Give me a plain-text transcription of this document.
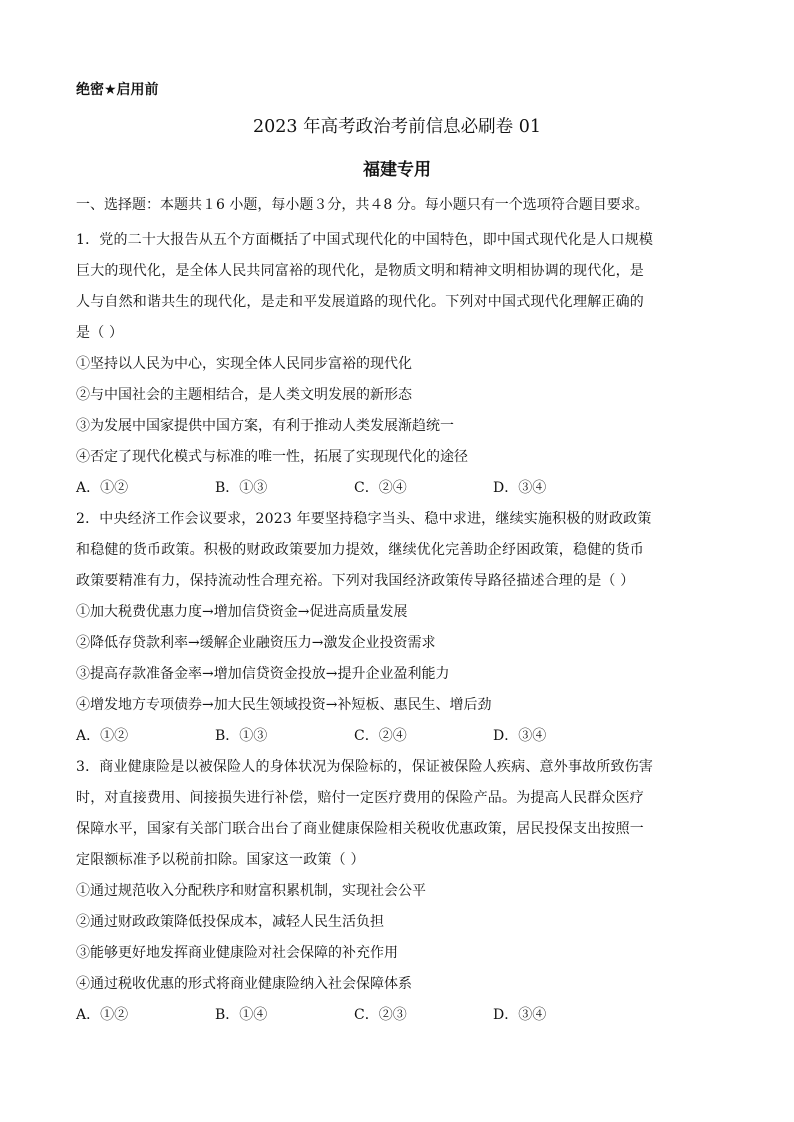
绝密★启用前
2023 年高考政治考前信息必刷卷 01
福建专用

一、选择题：本题共１6 小题，每小题３分，共４8 分。每小题只有一个选项符合题目要求。

1．党的二十大报告从五个方面概括了中国式现代化的中国特色，即中国式现代化是人口规模

巨大的现代化，是全体人民共同富裕的现代化，是物质文明和精神文明相协调的现代化，是

人与自然和谐共生的现代化，是走和平发展道路的现代化。下列对中国式现代化理解正确的

是（ ）

①坚持以人民为中心，实现全体人民同步富裕的现代化

②与中国社会的主题相结合，是人类文明发展的新形态

③为发展中国家提供中国方案，有利于推动人类发展渐趋统一

④否定了现代化模式与标准的唯一性，拓展了实现现代化的途径

A．①②	B．①③	C．②④	D．③④

2．中央经济工作会议要求，2023 年要坚持稳字当头、稳中求进，继续实施积极的财政政策

和稳健的货币政策。积极的财政政策要加力提效，继续优化完善助企纾困政策，稳健的货币

政策要精准有力，保持流动性合理充裕。下列对我国经济政策传导路径描述合理的是（ ）

①加大税费优惠力度→增加信贷资金→促进高质量发展

②降低存贷款利率→缓解企业融资压力→激发企业投资需求

③提高存款准备金率→增加信贷资金投放→提升企业盈利能力

④增发地方专项债券→加大民生领域投资→补短板、惠民生、增后劲

A．①②	B．①③	C．②④	D．③④

3．商业健康险是以被保险人的身体状况为保险标的，保证被保险人疾病、意外事故所致伤害

时，对直接费用、间接损失进行补偿，赔付一定医疗费用的保险产品。为提高人民群众医疗

保障水平，国家有关部门联合出台了商业健康保险相关税收优惠政策，居民投保支出按照一

定限额标准予以税前扣除。国家这一政策（ ）

①通过规范收入分配秩序和财富积累机制，实现社会公平

②通过财政政策降低投保成本，减轻人民生活负担

③能够更好地发挥商业健康险对社会保障的补充作用

④通过税收优惠的形式将商业健康险纳入社会保障体系

A．①②	B．①④	C．②③	D．③④
